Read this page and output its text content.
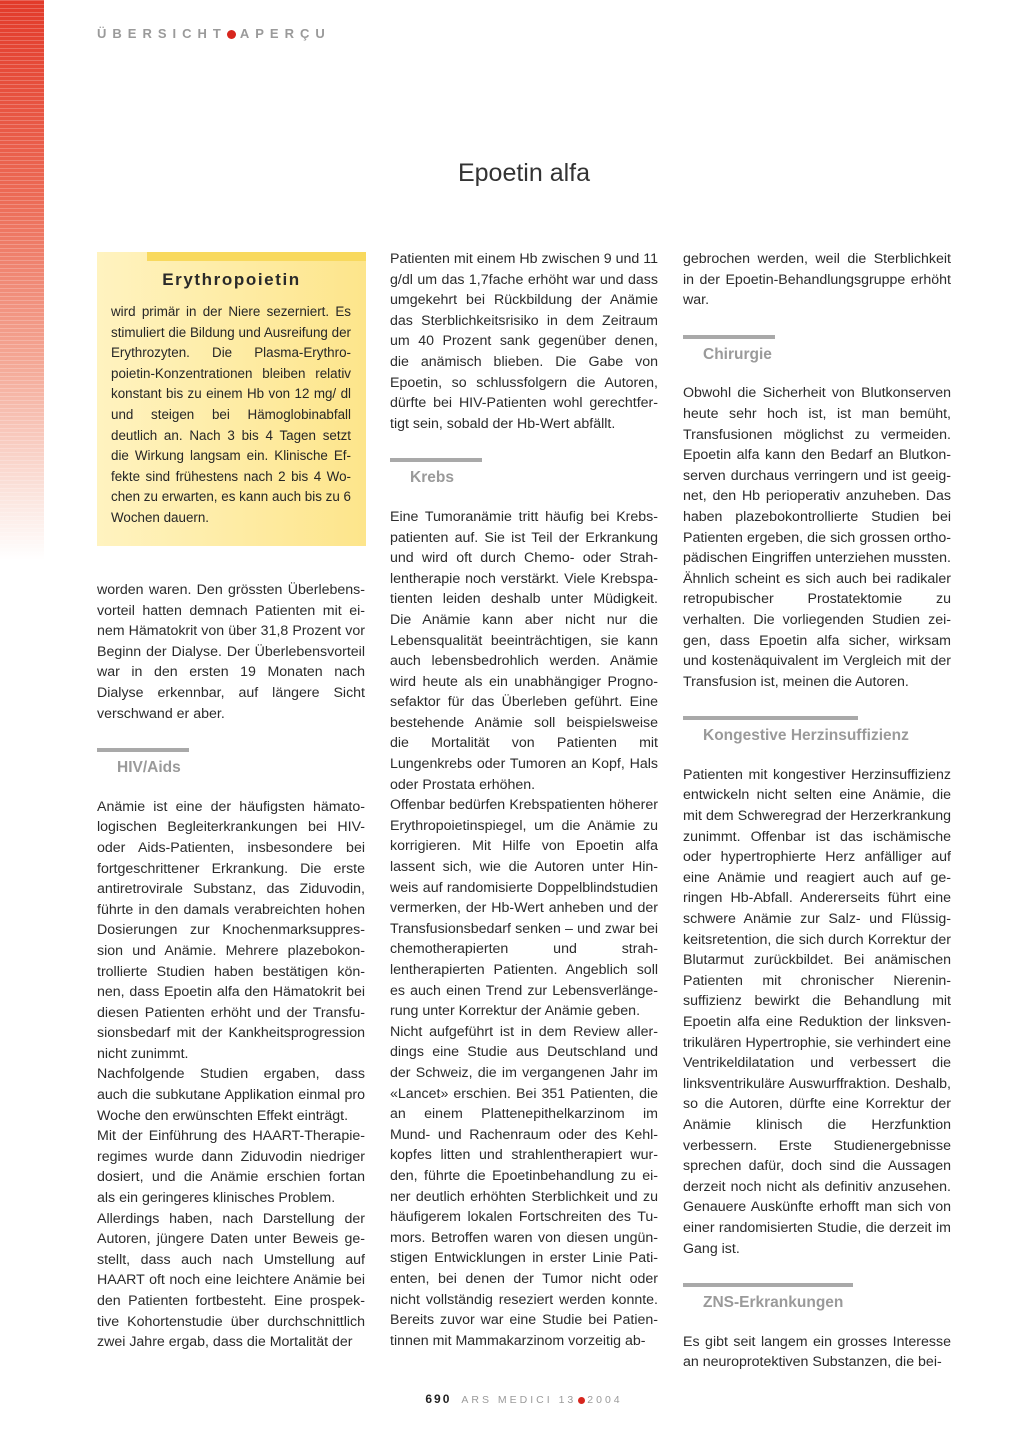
ÜBERSICHT APERÇU
Epoetin alfa
Erythropoietin
wird primär in der Niere sezerniert. Es stimuliert die Bildung und Ausreifung der Erythrozyten. Die Plasma-Erythropoietin-Konzentrationen bleiben relativ konstant bis zu einem Hb von 12 mg/ dl und steigen bei Hämoglobinabfall deutlich an. Nach 3 bis 4 Tagen setzt die Wirkung langsam ein. Klinische Effekte sind frühestens nach 2 bis 4 Wochen zu erwarten, es kann auch bis zu 6 Wochen dauern.

worden waren. Den grössten Überlebensvorteil hatten demnach Patienten mit einem Hämatokrit von über 31,8 Prozent vor Beginn der Dialyse. Der Überlebensvorteil war in den ersten 19 Monaten nach Dialyse erkennbar, auf längere Sicht verschwand er aber.

HIV/Aids

Anämie ist eine der häufigsten hämatologischen Begleiterkrankungen bei HIV- oder Aids-Patienten, insbesondere bei fortgeschrittener Erkrankung. Die erste antiretrovirale Substanz, das Ziduvodin, führte in den damals verabreichten hohen Dosierungen zur Knochenmarksuppression und Anämie. Mehrere plazebokontrollierte Studien haben bestätigen können, dass Epoetin alfa den Hämatokrit bei diesen Patienten erhöht und der Transfusionsbedarf mit der Kankheitsprogression nicht zunimmt.

Nachfolgende Studien ergaben, dass auch die subkutane Applikation einmal pro Woche den erwünschten Effekt einträgt.

Mit der Einführung des HAART-Therapieregimes wurde dann Ziduvodin niedriger dosiert, und die Anämie erschien fortan als ein geringeres klinisches Problem.

Allerdings haben, nach Darstellung der Autoren, jüngere Daten unter Beweis gestellt, dass auch nach Umstellung auf HAART oft noch eine leichtere Anämie bei den Patienten fortbesteht. Eine prospektive Kohortenstudie über durchschnittlich zwei Jahre ergab, dass die Mortalität der

Patienten mit einem Hb zwischen 9 und 11 g/dl um das 1,7fache erhöht war und dass umgekehrt bei Rückbildung der Anämie das Sterblichkeitsrisiko in dem Zeitraum um 40 Prozent sank gegenüber denen, die anämisch blieben. Die Gabe von Epoetin, so schlussfolgern die Autoren, dürfte bei HIV-Patienten wohl gerechtfertigt sein, sobald der Hb-Wert abfällt.

Krebs

Eine Tumoranämie tritt häufig bei Krebspatienten auf. Sie ist Teil der Erkrankung und wird oft durch Chemo- oder Strahlentherapie noch verstärkt. Viele Krebspatienten leiden deshalb unter Müdigkeit. Die Anämie kann aber nicht nur die Lebensqualität beeinträchtigen, sie kann auch lebensbedrohlich werden. Anämie wird heute als ein unabhängiger Prognosefaktor für das Überleben geführt. Eine bestehende Anämie soll beispielsweise die Mortalität von Patienten mit Lungenkrebs oder Tumoren an Kopf, Hals oder Prostata erhöhen.

Offenbar bedürfen Krebspatienten höherer Erythropoietinspiegel, um die Anämie zu korrigieren. Mit Hilfe von Epoetin alfa lassent sich, wie die Autoren unter Hinweis auf randomisierte Doppelblindstudien vermerken, der Hb-Wert anheben und der Transfusionsbedarf senken – und zwar bei chemotherapierten und strahlentherapierten Patienten. Angeblich soll es auch einen Trend zur Lebensverlängerung unter Korrektur der Anämie geben.

Nicht aufgeführt ist in dem Review allerdings eine Studie aus Deutschland und der Schweiz, die im vergangenen Jahr im «Lancet» erschien. Bei 351 Patienten, die an einem Plattenepithelkarzinom im Mund- und Rachenraum oder des Kehlkopfes litten und strahlentherapiert wurden, führte die Epoetinbehandlung zu einer deutlich erhöhten Sterblichkeit und zu häufigerem lokalen Fortschreiten des Tumors. Betroffen waren von diesen ungünstigen Entwicklungen in erster Linie Patienten, bei denen der Tumor nicht oder nicht vollständig reseziert werden konnte. Bereits zuvor war eine Studie bei Patientinnen mit Mammakarzinom vorzeitig ab-

gebrochen werden, weil die Sterblichkeit in der Epoetin-Behandlungsgruppe erhöht war.

Chirurgie

Obwohl die Sicherheit von Blutkonserven heute sehr hoch ist, ist man bemüht, Transfusionen möglichst zu vermeiden. Epoetin alfa kann den Bedarf an Blutkonserven durchaus verringern und ist geeignet, den Hb perioperativ anzuheben. Das haben plazebokontrollierte Studien bei Patienten ergeben, die sich grossen orthopädischen Eingriffen unterziehen mussten. Ähnlich scheint es sich auch bei radikaler retropubischer Prostatektomie zu verhalten. Die vorliegenden Studien zeigen, dass Epoetin alfa sicher, wirksam und kostenäquivalent im Vergleich mit der Transfusion ist, meinen die Autoren.

Kongestive Herzinsuffizienz

Patienten mit kongestiver Herzinsuffizienz entwickeln nicht selten eine Anämie, die mit dem Schweregrad der Herzerkrankung zunimmt. Offenbar ist das ischämische oder hypertrophierte Herz anfälliger auf eine Anämie und reagiert auch auf geringen Hb-Abfall. Andererseits führt eine schwere Anämie zur Salz- und Flüssigkeitsretention, die sich durch Korrektur der Blutarmut zurückbildet. Bei anämischen Patienten mit chronischer Niereninsuffizienz bewirkt die Behandlung mit Epoetin alfa eine Reduktion der linksventrikulären Hypertrophie, sie verhindert eine Ventrikeldilatation und verbessert die linksventrikuläre Auswurffraktion. Deshalb, so die Autoren, dürfte eine Korrektur der Anämie klinisch die Herzfunktion verbessern. Erste Studienergebnisse sprechen dafür, doch sind die Aussagen derzeit noch nicht als definitiv anzusehen. Genauere Auskünfte erhofft man sich von einer randomisierten Studie, die derzeit im Gang ist.

ZNS-Erkrankungen

Es gibt seit langem ein grosses Interesse an neuroprotektiven Substanzen, die bei-

690 ARS MEDICI 13 2004
